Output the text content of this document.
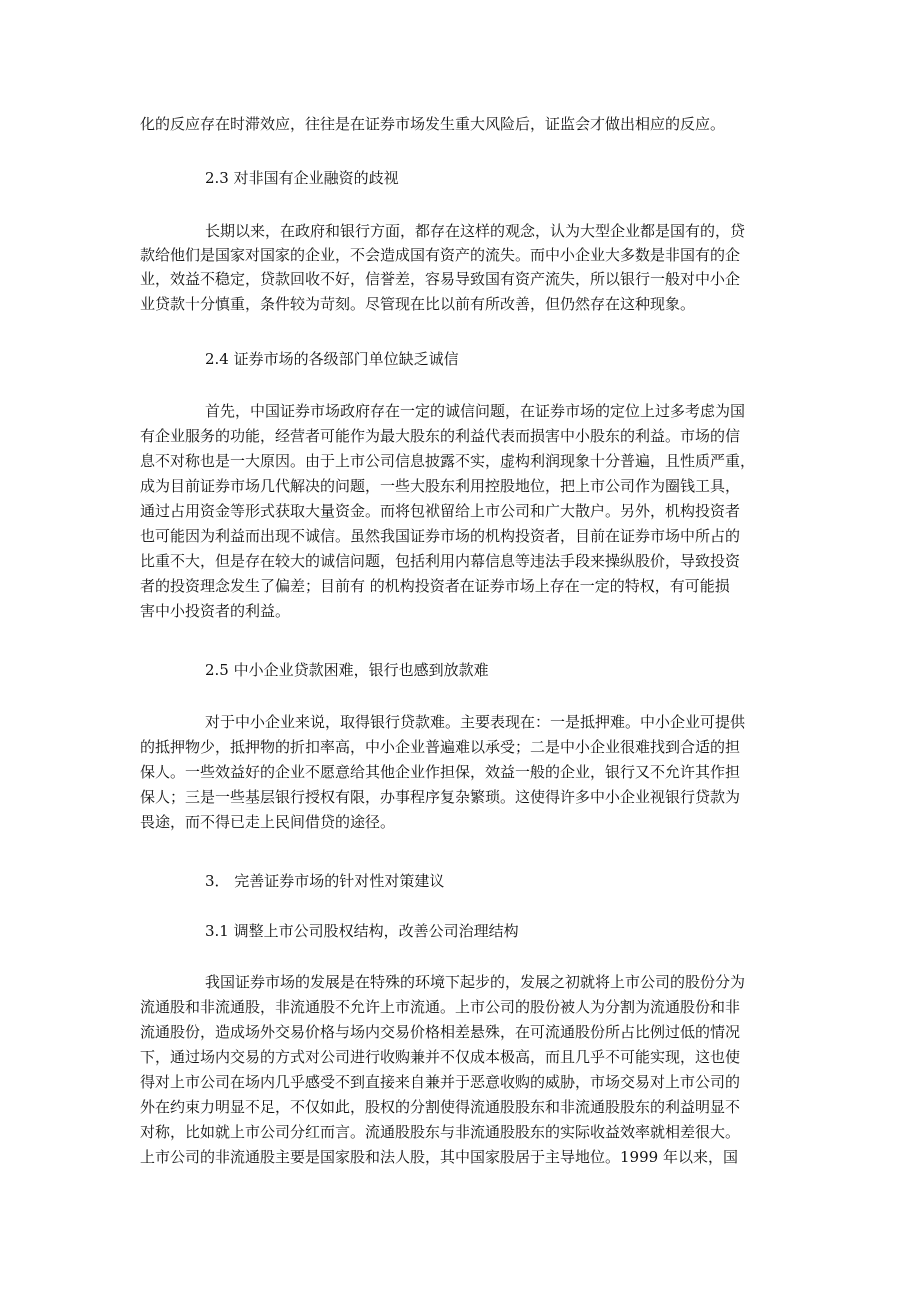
化的反应存在时滞效应，往往是在证券市场发生重大风险后，证监会才做出相应的反应。

2.3 对非国有企业融资的歧视

长期以来，在政府和银行方面，都存在这样的观念，认为大型企业都是国有的，贷

款给他们是国家对国家的企业，不会造成国有资产的流失。而中小企业大多数是非国有的企

业，效益不稳定，贷款回收不好，信誉差，容易导致国有资产流失，所以银行一般对中小企

业贷款十分慎重，条件较为苛刻。尽管现在比以前有所改善，但仍然存在这种现象。

2.4 证券市场的各级部门单位缺乏诚信

首先，中国证券市场政府存在一定的诚信问题，在证券市场的定位上过多考虑为国

有企业服务的功能，经营者可能作为最大股东的利益代表而损害中小股东的利益。市场的信

息不对称也是一大原因。由于上市公司信息披露不实，虚构利润现象十分普遍，且性质严重，

成为目前证券市场几代解决的问题，一些大股东利用控股地位，把上市公司作为圈钱工具，

通过占用资金等形式获取大量资金。而将包袱留给上市公司和广大散户。另外，机构投资者

也可能因为利益而出现不诚信。虽然我国证券市场的机构投资者，目前在证券市场中所占的

比重不大，但是存在较大的诚信问题，包括利用内幕信息等违法手段来操纵股价，导致投资

者的投资理念发生了偏差；目前有 的机构投资者在证券市场上存在一定的特权，有可能损

害中小投资者的利益。

2.5 中小企业贷款困难，银行也感到放款难

对于中小企业来说，取得银行贷款难。主要表现在：一是抵押难。中小企业可提供

的抵押物少，抵押物的折扣率高，中小企业普遍难以承受；二是中小企业很难找到合适的担

保人。一些效益好的企业不愿意给其他企业作担保，效益一般的企业，银行又不允许其作担

保人；三是一些基层银行授权有限，办事程序复杂繁琐。这使得许多中小企业视银行贷款为

畏途，而不得已走上民间借贷的途径。

3． 完善证券市场的针对性对策建议

3.1 调整上市公司股权结构，改善公司治理结构

我国证券市场的发展是在特殊的环境下起步的，发展之初就将上市公司的股份分为

流通股和非流通股，非流通股不允许上市流通。上市公司的股份被人为分割为流通股份和非

流通股份，造成场外交易价格与场内交易价格相差悬殊，在可流通股份所占比例过低的情况

下，通过场内交易的方式对公司进行收购兼并不仅成本极高，而且几乎不可能实现，这也使

得对上市公司在场内几乎感受不到直接来自兼并于恶意收购的威胁，市场交易对上市公司的

外在约束力明显不足，不仅如此，股权的分割使得流通股股东和非流通股股东的利益明显不

对称，比如就上市公司分红而言。流通股股东与非流通股股东的实际收益效率就相差很大。

上市公司的非流通股主要是国家股和法人股，其中国家股居于主导地位。1999 年以来，国
